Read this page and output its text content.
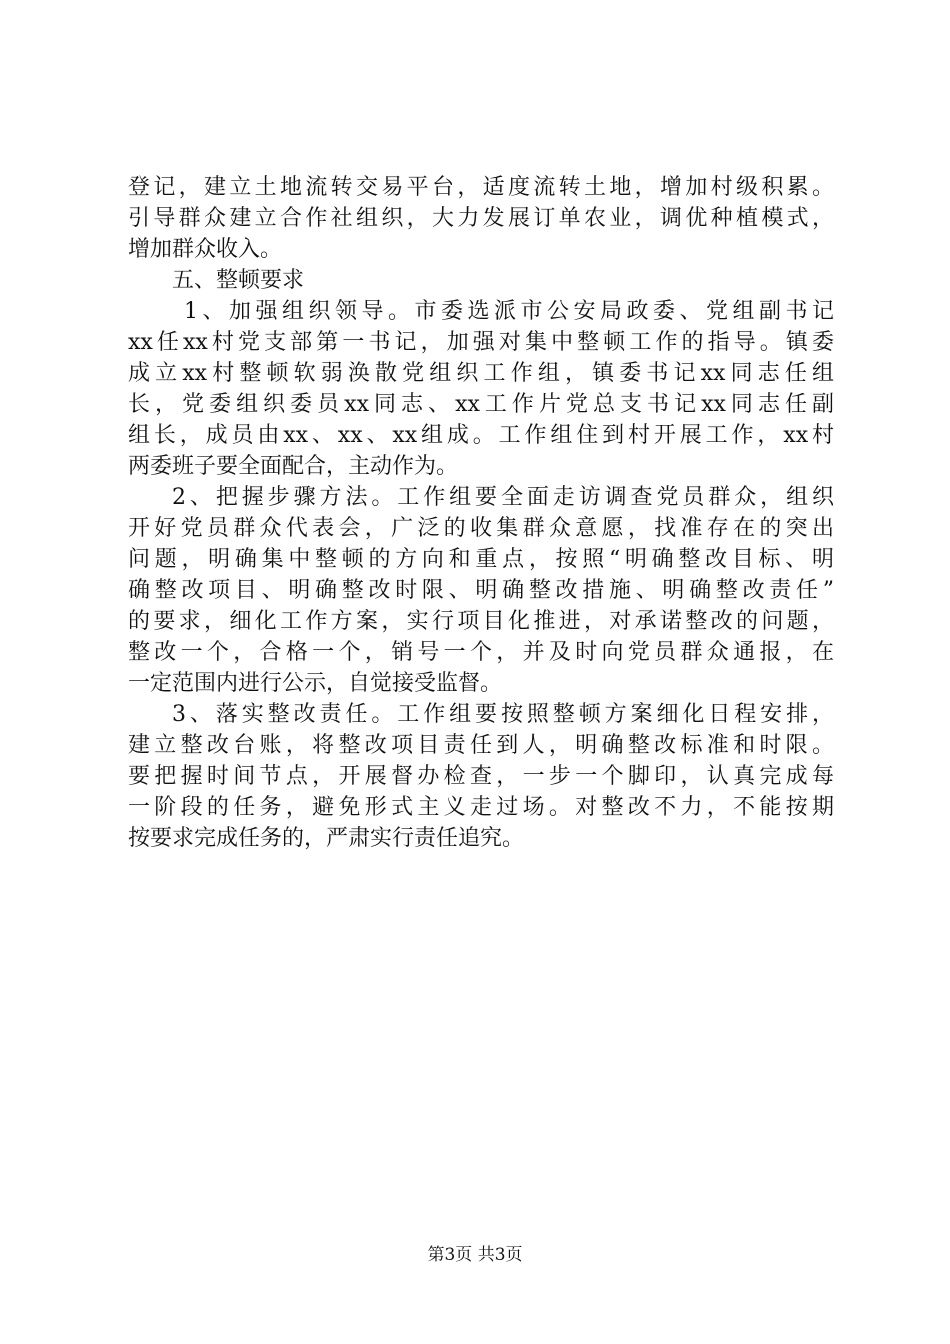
登记，建立土地流转交易平台，适度流转土地，增加村级积累。
引导群众建立合作社组织，大力发展订单农业，调优种植模式，
增加群众收入。
五、整顿要求
1、加强组织领导。市委选派市公安局政委、党组副书记
xx任xx村党支部第一书记，加强对集中整顿工作的指导。镇委
成立xx村整顿软弱涣散党组织工作组，镇委书记xx同志任组
长，党委组织委员xx同志、xx工作片党总支书记xx同志任副
组长，成员由xx、xx、xx组成。工作组住到村开展工作，xx村
两委班子要全面配合，主动作为。
2、把握步骤方法。工作组要全面走访调查党员群众，组织
开好党员群众代表会，广泛的收集群众意愿，找准存在的突出
问题，明确集中整顿的方向和重点，按照“明确整改目标、明
确整改项目、明确整改时限、明确整改措施、明确整改责任”
的要求，细化工作方案，实行项目化推进，对承诺整改的问题，
整改一个，合格一个，销号一个，并及时向党员群众通报，在
一定范围内进行公示，自觉接受监督。
3、落实整改责任。工作组要按照整顿方案细化日程安排，
建立整改台账，将整改项目责任到人，明确整改标准和时限。
要把握时间节点，开展督办检查，一步一个脚印，认真完成每
一阶段的任务，避免形式主义走过场。对整改不力，不能按期
按要求完成任务的，严肃实行责任追究。
第3页 共3页
